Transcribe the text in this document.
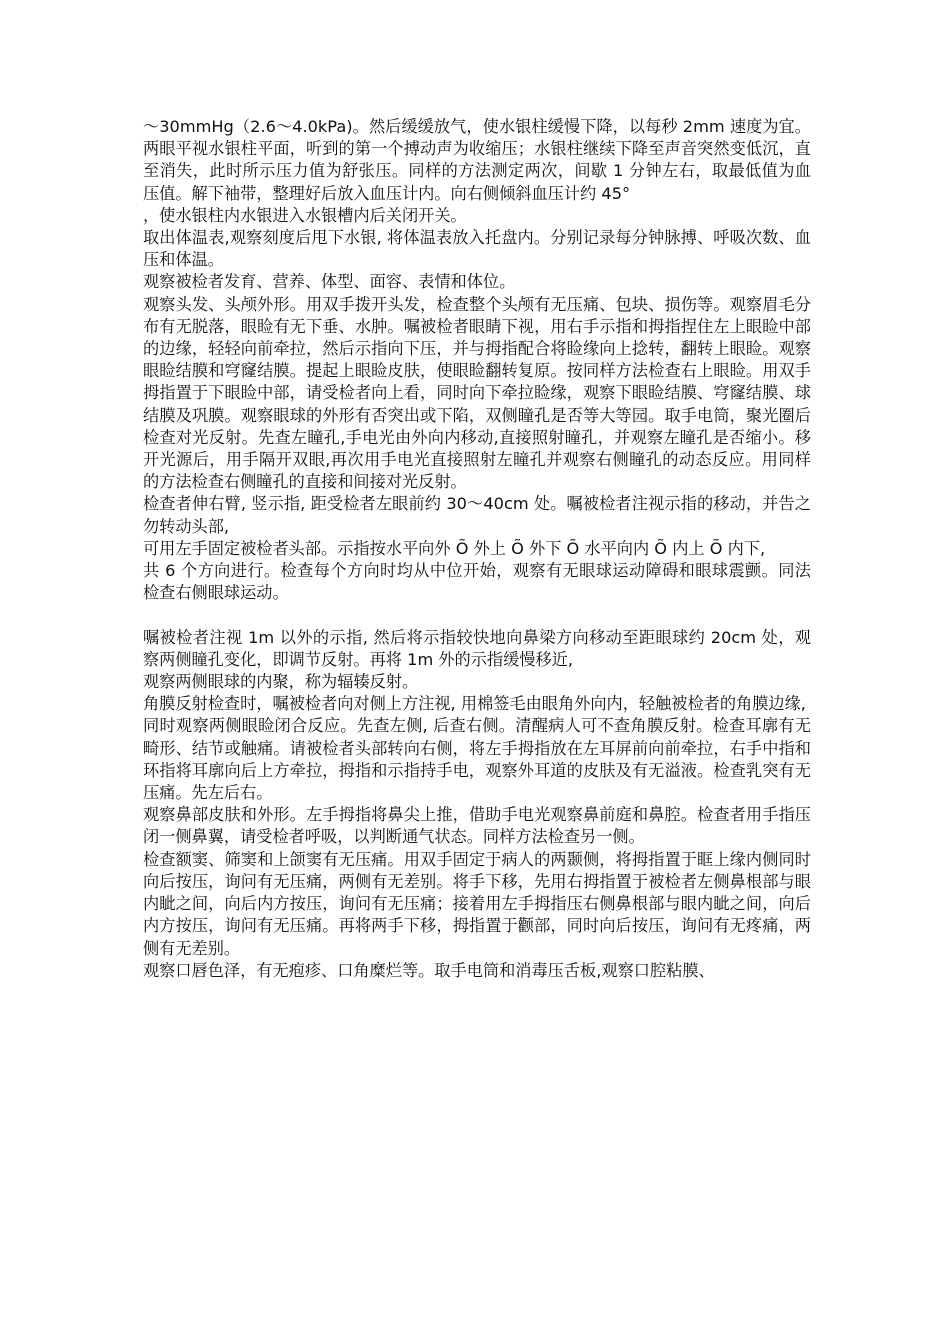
～30mmHg（2.6～4.0kPa)。然后缓缓放气，使水银柱缓慢下降，以每秒 2mm 速度为宜。两眼平视水银柱平面，听到的第一个搏动声为收缩压；水银柱继续下降至声音突然变低沉，直至消失，此时所示压力值为舒张压。同样的方法测定两次，间歇 1 分钟左右，取最低值为血压值。解下袖带，整理好后放入血压计内。向右侧倾斜血压计约 45°

，使水银柱内水银进入水银槽内后关闭开关。

取出体温表,观察刻度后甩下水银, 将体温表放入托盘内。分别记录每分钟脉搏、呼吸次数、血压和体温。

观察被检者发育、营养、体型、面容、表情和体位。

观察头发、头颅外形。用双手拨开头发，检查整个头颅有无压痛、包块、损伤等。观察眉毛分布有无脱落，眼睑有无下垂、水肿。嘱被检者眼睛下视，用右手示指和拇指捏住左上眼睑中部的边缘，轻轻向前牵拉，然后示指向下压，并与拇指配合将睑缘向上捻转，翻转上眼睑。观察眼睑结膜和穹窿结膜。提起上眼睑皮肤，使眼睑翻转复原。按同样方法检查右上眼睑。用双手拇指置于下眼睑中部，请受检者向上看，同时向下牵拉睑缘，观察下眼睑结膜、穹窿结膜、球结膜及巩膜。观察眼球的外形有否突出或下陷，双侧瞳孔是否等大等园。取手电筒，聚光圈后检查对光反射。先查左瞳孔,手电光由外向内移动,直接照射瞳孔，并观察左瞳孔是否缩小。移开光源后，用手隔开双眼,再次用手电光直接照射左瞳孔并观察右侧瞳孔的动态反应。用同样的方法检查右侧瞳孔的直接和间接对光反射。

检查者伸右臂, 竖示指, 距受检者左眼前约 30～40cm 处。嘱被检者注视示指的移动，并告之勿转动头部,

可用左手固定被检者头部。示指按水平向外 Õ 外上 Õ 外下 Õ 水平向内 Õ 内上 Õ 内下,

共 6 个方向进行。检查每个方向时均从中位开始，观察有无眼球运动障碍和眼球震颤。同法检查右侧眼球运动。

嘱被检者注视 1m 以外的示指, 然后将示指较快地向鼻梁方向移动至距眼球约 20cm 处，观察两侧瞳孔变化，即调节反射。再将 1m 外的示指缓慢移近,

观察两侧眼球的内聚，称为辐辏反射。

角膜反射检查时，嘱被检者向对侧上方注视, 用棉签毛由眼角外向内，轻触被检者的角膜边缘,

同时观察两侧眼睑闭合反应。先查左侧, 后查右侧。清醒病人可不查角膜反射。检查耳廓有无畸形、结节或触痛。请被检者头部转向右侧，将左手拇指放在左耳屏前向前牵拉，右手中指和环指将耳廓向后上方牵拉，拇指和示指持手电，观察外耳道的皮肤及有无溢液。检查乳突有无压痛。先左后右。

观察鼻部皮肤和外形。左手拇指将鼻尖上推，借助手电光观察鼻前庭和鼻腔。检查者用手指压闭一侧鼻翼，请受检者呼吸，以判断通气状态。同样方法检查另一侧。

检查额窦、筛窦和上颌窦有无压痛。用双手固定于病人的两颞侧，将拇指置于眶上缘内侧同时向后按压，询问有无压痛，两侧有无差别。将手下移，先用右拇指置于被检者左侧鼻根部与眼内眦之间，向后内方按压，询问有无压痛；接着用左手拇指压右侧鼻根部与眼内眦之间，向后内方按压，询问有无压痛。再将两手下移，拇指置于颧部，同时向后按压，询问有无疼痛，两侧有无差别。

观察口唇色泽，有无疱疹、口角糜烂等。取手电筒和消毒压舌板,观察口腔粘膜、
